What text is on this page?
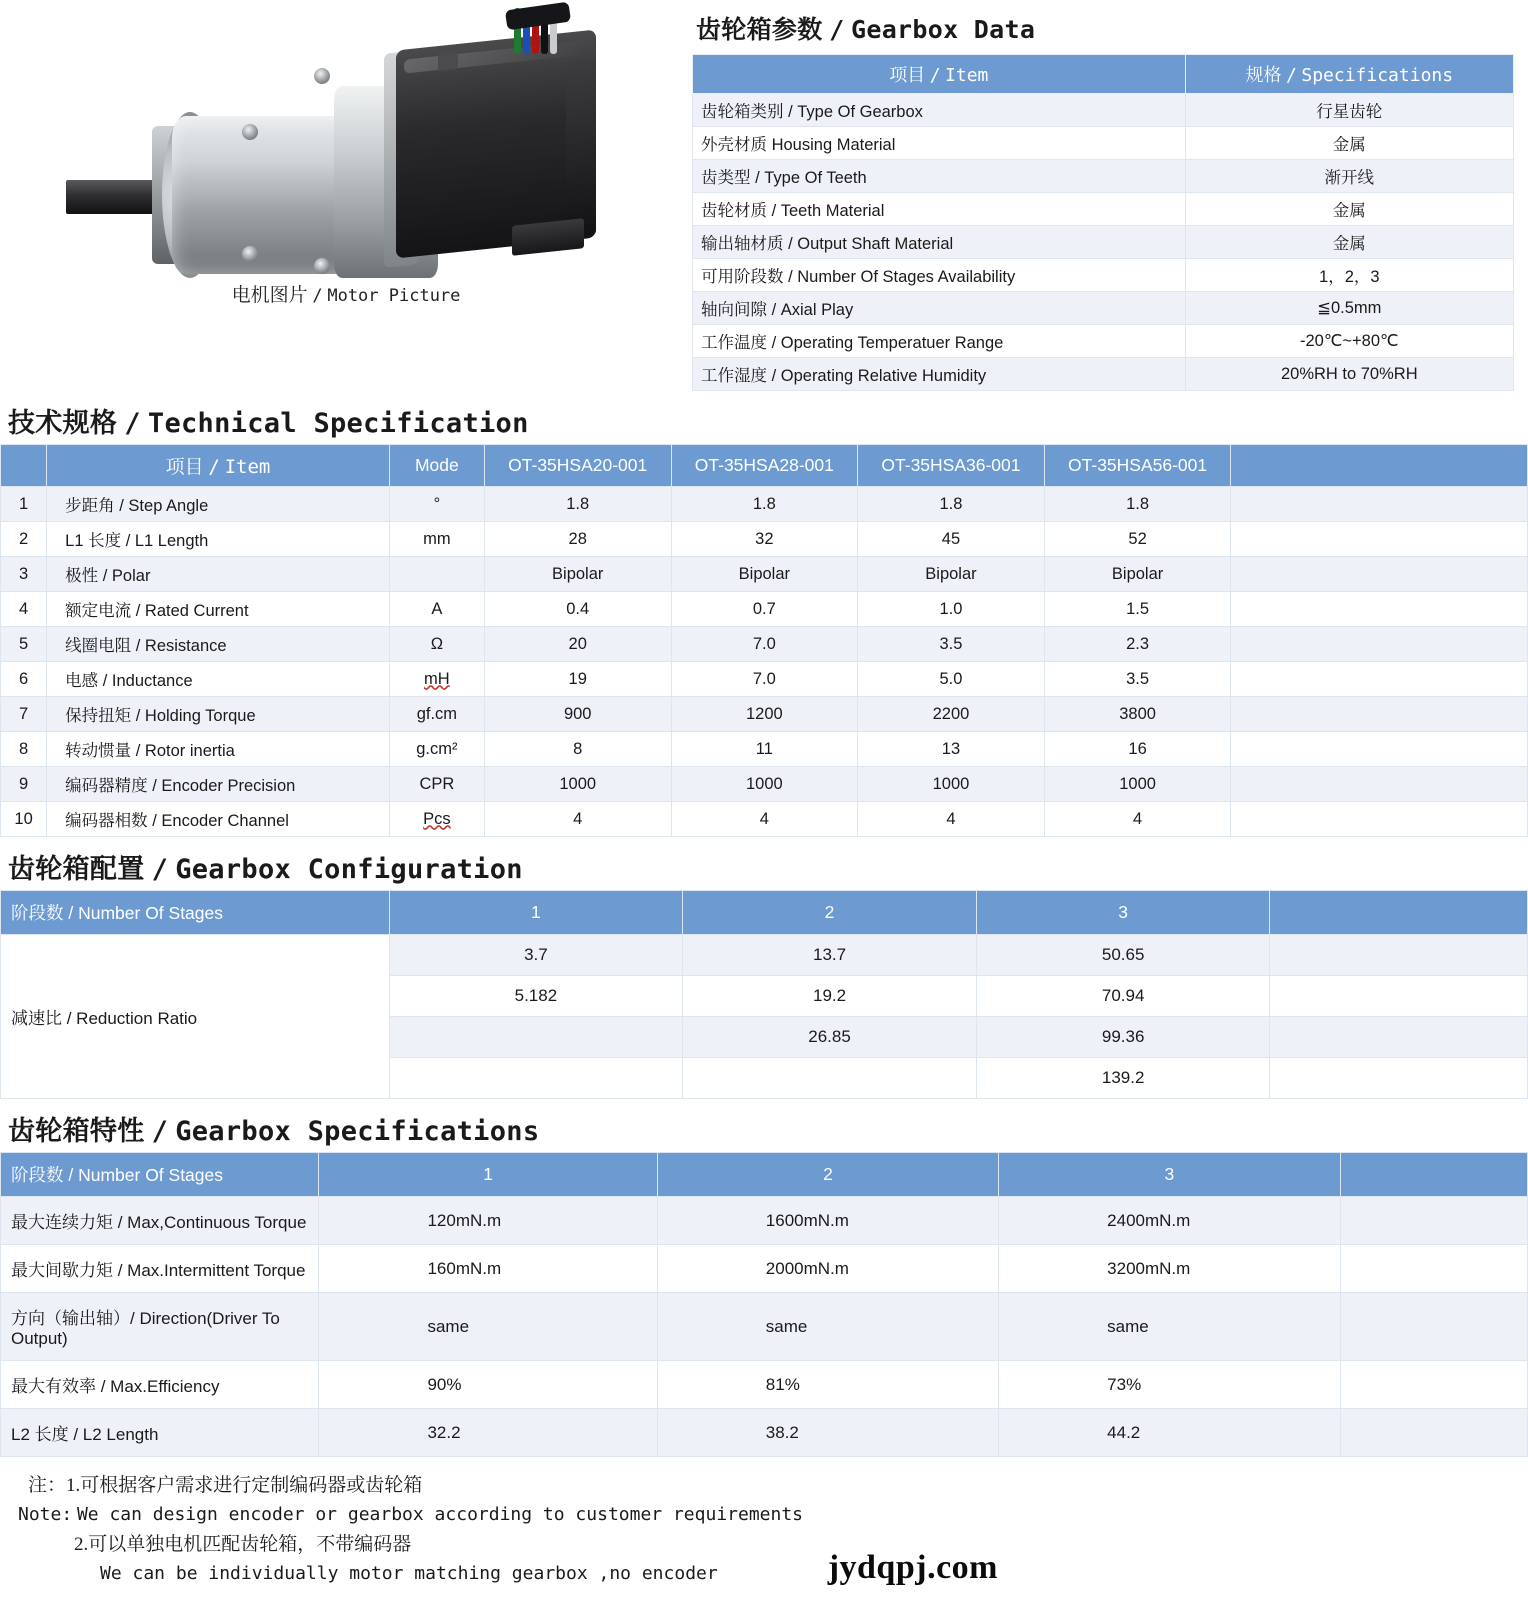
电机图片 / Motor Picture
齿轮箱参数 / Gearbox Data
项目 / Item	规格 / Specifications
齿轮箱类别 / Type Of Gearbox	行星齿轮
外壳材质 Housing Material	金属
齿类型 / Type Of Teeth	渐开线
齿轮材质 / Teeth Material	金属
输出轴材质 / Output Shaft Material	金属
可用阶段数 / Number Of Stages Availability	1，2，3
轴向间隙 / Axial Play	≦0.5mm
工作温度 / Operating Temperatuer Range	-20℃~+80℃
工作湿度 / Operating Relative Humidity	20%RH to 70%RH
技术规格 / Technical Specification
	项目 / Item	Mode	OT-35HSA20-001	OT-35HSA28-001	OT-35HSA36-001	OT-35HSA56-001	
1	步距角 / Step Angle	°	1.8	1.8	1.8	1.8	
2	L1 长度 / L1 Length	mm	28	32	45	52	
3	极性 / Polar		Bipolar	Bipolar	Bipolar	Bipolar	
4	额定电流 / Rated Current	A	0.4	0.7	1.0	1.5	
5	线圈电阻 / Resistance	Ω	20	7.0	3.5	2.3	
6	电感 / Inductance	mH	19	7.0	5.0	3.5	
7	保持扭矩 / Holding Torque	gf.cm	900	1200	2200	3800	
8	转动惯量 / Rotor inertia	g.cm²	8	11	13	16	
9	编码器精度 / Encoder Precision	CPR	1000	1000	1000	1000	
10	编码器相数 / Encoder Channel	Pcs	4	4	4	4	
齿轮箱配置 / Gearbox Configuration
阶段数 / Number Of Stages	1	2	3	
减速比 / Reduction Ratio	3.7	13.7	50.65	
	5.182	19.2	70.94	
		26.85	99.36	
			139.2	
齿轮箱特性 / Gearbox Specifications
阶段数 / Number Of Stages	1	2	3	
最大连续力矩 / Max,Continuous Torque	120mN.m	1600mN.m	2400mN.m	
最大间歇力矩 / Max.Intermittent Torque	160mN.m	2000mN.m	3200mN.m	
方向（输出轴）/ Direction(Driver To Output)	same	same	same	
最大有效率 / Max.Efficiency	90%	81%	73%	
L2 长度 / L2 Length	32.2	38.2	44.2	
注：1.可根据客户需求进行定制编码器或齿轮箱
Note: We can design encoder or gearbox according to customer requirements
2.可以单独电机匹配齿轮箱，不带编码器
We can be individually motor matching gearbox ,no encoder	jydqpj.com
